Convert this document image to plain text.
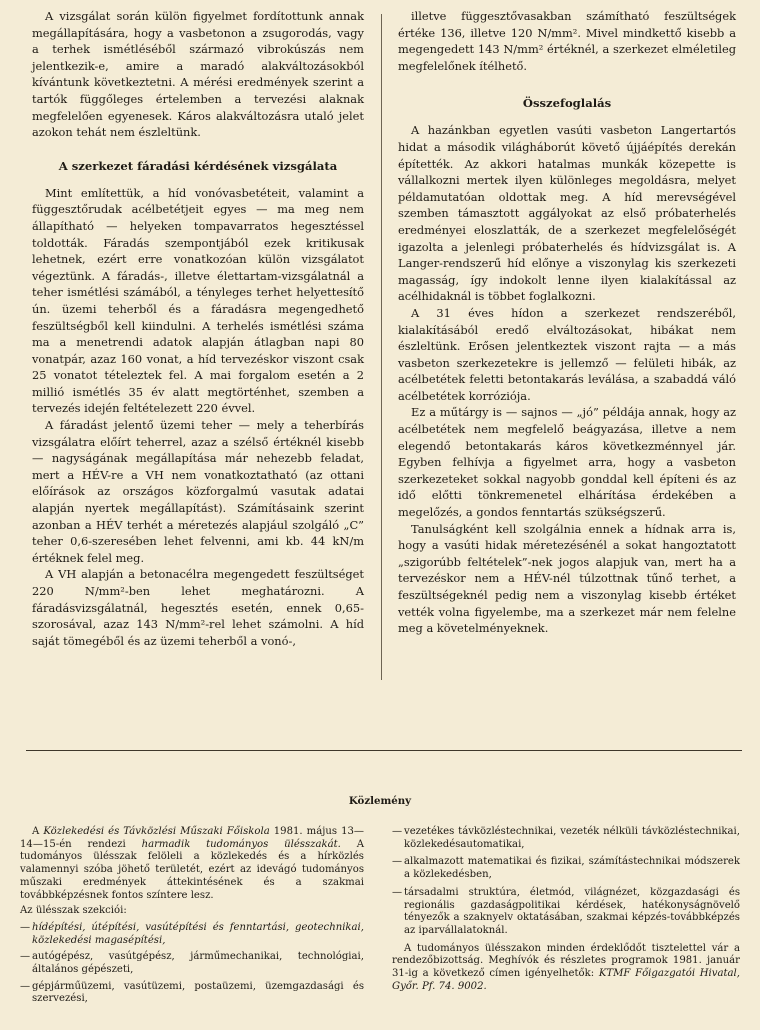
A vizsgálat során külön figyelmet fordítottunk annak megállapítására, hogy a vasbetonon a zsugorodás, vagy a terhek ismétléséből származó vibrokúszás nem jelentkezik-e, amire a maradó alakváltozásokból kívántunk következtetni. A mérési eredmények szerint a tartók függőleges értelemben a tervezési alaknak megfelelően egyenesek. Káros alakváltozásra utaló jelet azokon tehát nem észleltünk.

A szerkezet fáradási kérdésének vizsgálata

Mint említettük, a híd vonóvasbetéteit, valamint a függesztőrudak acélbetétjeit egyes — ma meg nem állapítható — helyeken tompavarratos hegesztéssel toldották. Fáradás szempontjából ezek kritikusak lehetnek, ezért erre vonatkozóan külön vizsgálatot végeztünk. A fáradás-, illetve élettartam-vizsgálatnál a teher ismétlési számából, a tényleges terhet helyettesítő ún. üzemi teherből és a fáradásra megengedhető feszültségből kell kiindulni. A terhelés ismétlési száma ma a menetrendi adatok alapján átlagban napi 80 vonatpár, azaz 160 vonat, a híd tervezéskor viszont csak 25 vonatot tételeztek fel. A mai forgalom esetén a 2 millió ismétlés 35 év alatt megtörténhet, szemben a tervezés idején feltételezett 220 évvel.

A fáradást jelentő üzemi teher — mely a teherbírás vizsgálatra előírt teherrel, azaz a szélső értéknél kisebb — nagyságának megállapítása már nehezebb feladat, mert a HÉV-re a VH nem vonatkoztatható (az ottani előírások az országos közforgalmú vasutak adatai alapján nyertek megállapítást). Számításaink szerint azonban a HÉV terhét a méretezés alapjául szolgáló „C” teher 0,6-szeresében lehet felvenni, ami kb. 44 kN/m értéknek felel meg.

A VH alapján a betonacélra megengedett feszültséget 220 N/mm²-ben lehet meghatározni. A fáradásvizsgálatnál, hegesztés esetén, ennek 0,65-szorosával, azaz 143 N/mm²-rel lehet számolni. A híd saját tömegéből és az üzemi teherből a vonó-,

illetve függesztővasakban számítható feszültségek értéke 136, illetve 120 N/mm². Mivel mindkettő kisebb a megengedett 143 N/mm² értéknél, a szerkezet elméletileg megfelelőnek ítélhető.

Összefoglalás

A hazánkban egyetlen vasúti vasbeton Langertartós hidat a második világháborút követő újjáépítés derekán építették. Az akkori hatalmas munkák közepette is vállalkozni mertek ilyen különleges megoldásra, melyet példamutatóan oldottak meg. A híd merevségével szemben támasztott aggályokat az első próbaterhelés eredményei eloszlatták, de a szerkezet megfelelőségét igazolta a jelenlegi próbaterhelés és hídvizsgálat is. A Langer-rendszerű híd előnye a viszonylag kis szerkezeti magasság, így indokolt lenne ilyen kialakítással az acélhidaknál is többet foglalkozni.

A 31 éves hídon a szerkezet rendszeréből, kialakításából eredő elváltozásokat, hibákat nem észleltünk. Erősen jelentkeztek viszont rajta — a más vasbeton szerkezetekre is jellemző — felületi hibák, az acélbetétek feletti betontakarás leválása, a szabaddá váló acélbetétek korróziója.

Ez a műtárgy is — sajnos — „jó” példája annak, hogy az acélbetétek nem megfelelő beágyazása, illetve a nem elegendő betontakarás káros következménnyel jár. Egyben felhívja a figyelmet arra, hogy a vasbeton szerkezeteket sokkal nagyobb gonddal kell építeni és az idő előtti tönkremenetel elhárítása érdekében a megelőzés, a gondos fenntartás szükségszerű.

Tanulságként kell szolgálnia ennek a hídnak arra is, hogy a vasúti hidak méretezésénél a sokat hangoztatott „szigorúbb feltételek”-nek jogos alapjuk van, mert ha a tervezéskor nem a HÉV-nél túlzottnak tűnő terhet, a feszültségeknél pedig nem a viszonylag kisebb értéket vették volna figyelembe, ma a szerkezet már nem felelne meg a követelményeknek.

Közlemény

A Közlekedési és Távközlési Műszaki Főiskola 1981. május 13—14—15-én rendezi harmadik tudományos ülésszakát. A tudományos ülésszak felöleli a közlekedés és a hírközlés valamennyi szóba jöhető területét, ezért az idevágó tudományos műszaki eredmények áttekintésének és a szakmai továbbképzésnek fontos színtere lesz.

Az ülésszak szekciói:

— hídépítési, útépítési, vasútépítési és fenntartási, geotechnikai, közlekedési magasépítési,
— autógépész, vasútgépész, járműmechanikai, technológiai, általános gépészeti,
— gépjárműüzemi, vasútüzemi, postaüzemi, üzemgazdasági és szervezési,
— vezetékes távközléstechnikai, vezeték nélküli távközléstechnikai, közlekedésautomatikai,
— alkalmazott matematikai és fizikai, számítástechnikai módszerek a közlekedésben,
— társadalmi struktúra, életmód, világnézet, közgazdasági és regionális gazdaságpolitikai kérdések, hatékonyságnövelő tényezők a szaknyelv oktatásában, szakmai képzés-továbbképzés az iparvállalatoknál.

A tudományos ülésszakon minden érdeklődőt tisztelettel vár a rendezőbizottság. Meghívók és részletes programok 1981. január 31-ig a következő címen igényelhetők: KTMF Főigazgatói Hivatal, Győr. Pf. 74. 9002.
